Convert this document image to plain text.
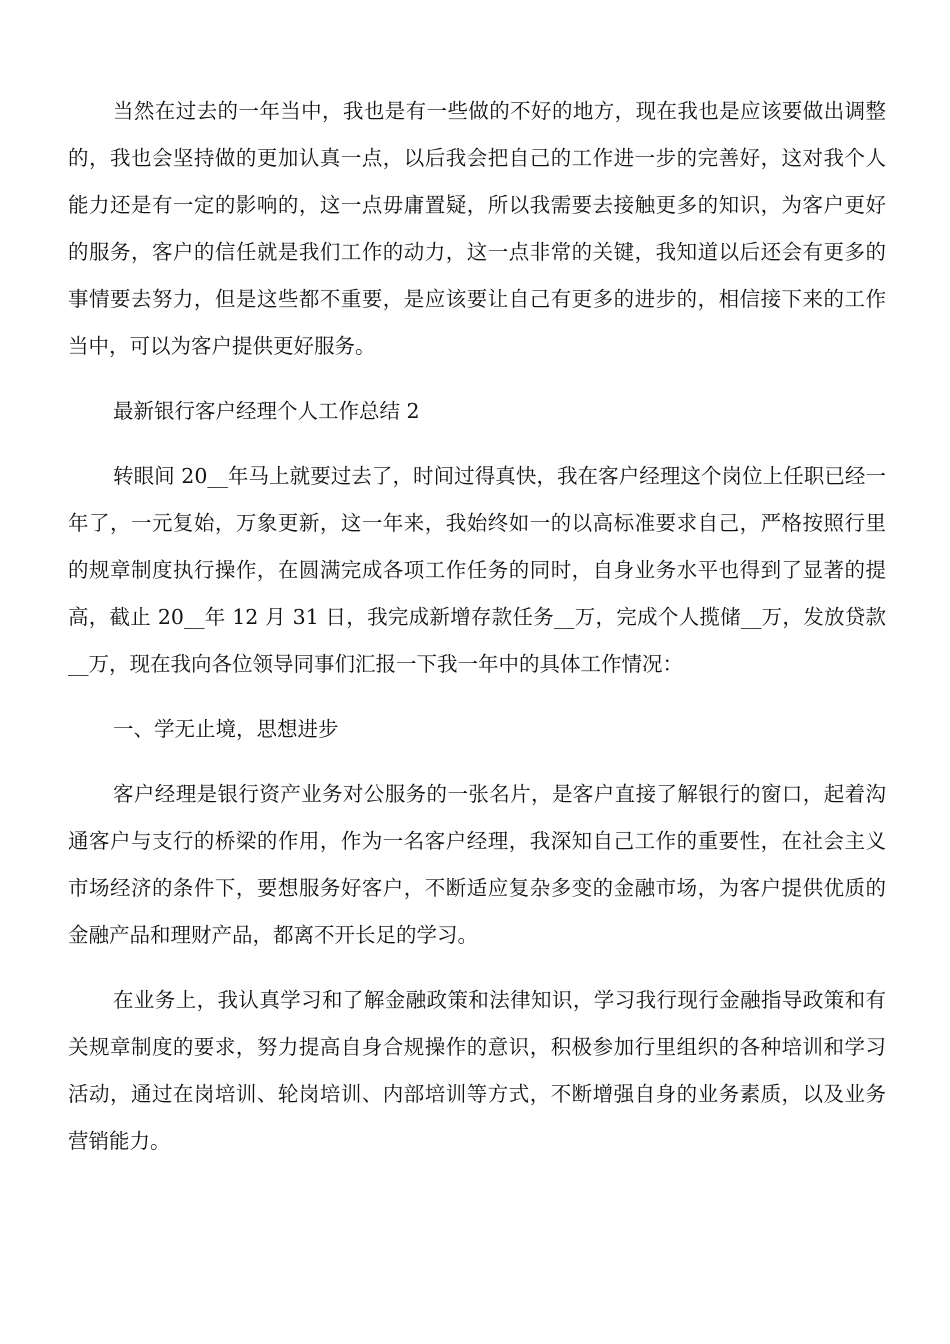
当然在过去的一年当中，我也是有一些做的不好的地方，现在我也是应该要做出调整的，我也会坚持做的更加认真一点，以后我会把自己的工作进一步的完善好，这对我个人能力还是有一定的影响的，这一点毋庸置疑，所以我需要去接触更多的知识，为客户更好的服务，客户的信任就是我们工作的动力，这一点非常的关键，我知道以后还会有更多的事情要去努力，但是这些都不重要，是应该要让自己有更多的进步的，相信接下来的工作当中，可以为客户提供更好服务。

最新银行客户经理个人工作总结 2

转眼间 20__年马上就要过去了，时间过得真快，我在客户经理这个岗位上任职已经一年了，一元复始，万象更新，这一年来，我始终如一的以高标准要求自己，严格按照行里的规章制度执行操作，在圆满完成各项工作任务的同时，自身业务水平也得到了显著的提高，截止 20__年 12 月 31 日，我完成新增存款任务__万，完成个人揽储__万，发放贷款__万，现在我向各位领导同事们汇报一下我一年中的具体工作情况：

一、学无止境，思想进步

客户经理是银行资产业务对公服务的一张名片，是客户直接了解银行的窗口，起着沟通客户与支行的桥梁的作用，作为一名客户经理，我深知自己工作的重要性，在社会主义市场经济的条件下，要想服务好客户，不断适应复杂多变的金融市场，为客户提供优质的金融产品和理财产品，都离不开长足的学习。

在业务上，我认真学习和了解金融政策和法律知识，学习我行现行金融指导政策和有关规章制度的要求，努力提高自身合规操作的意识，积极参加行里组织的各种培训和学习活动，通过在岗培训、轮岗培训、内部培训等方式，不断增强自身的业务素质，以及业务营销能力。
